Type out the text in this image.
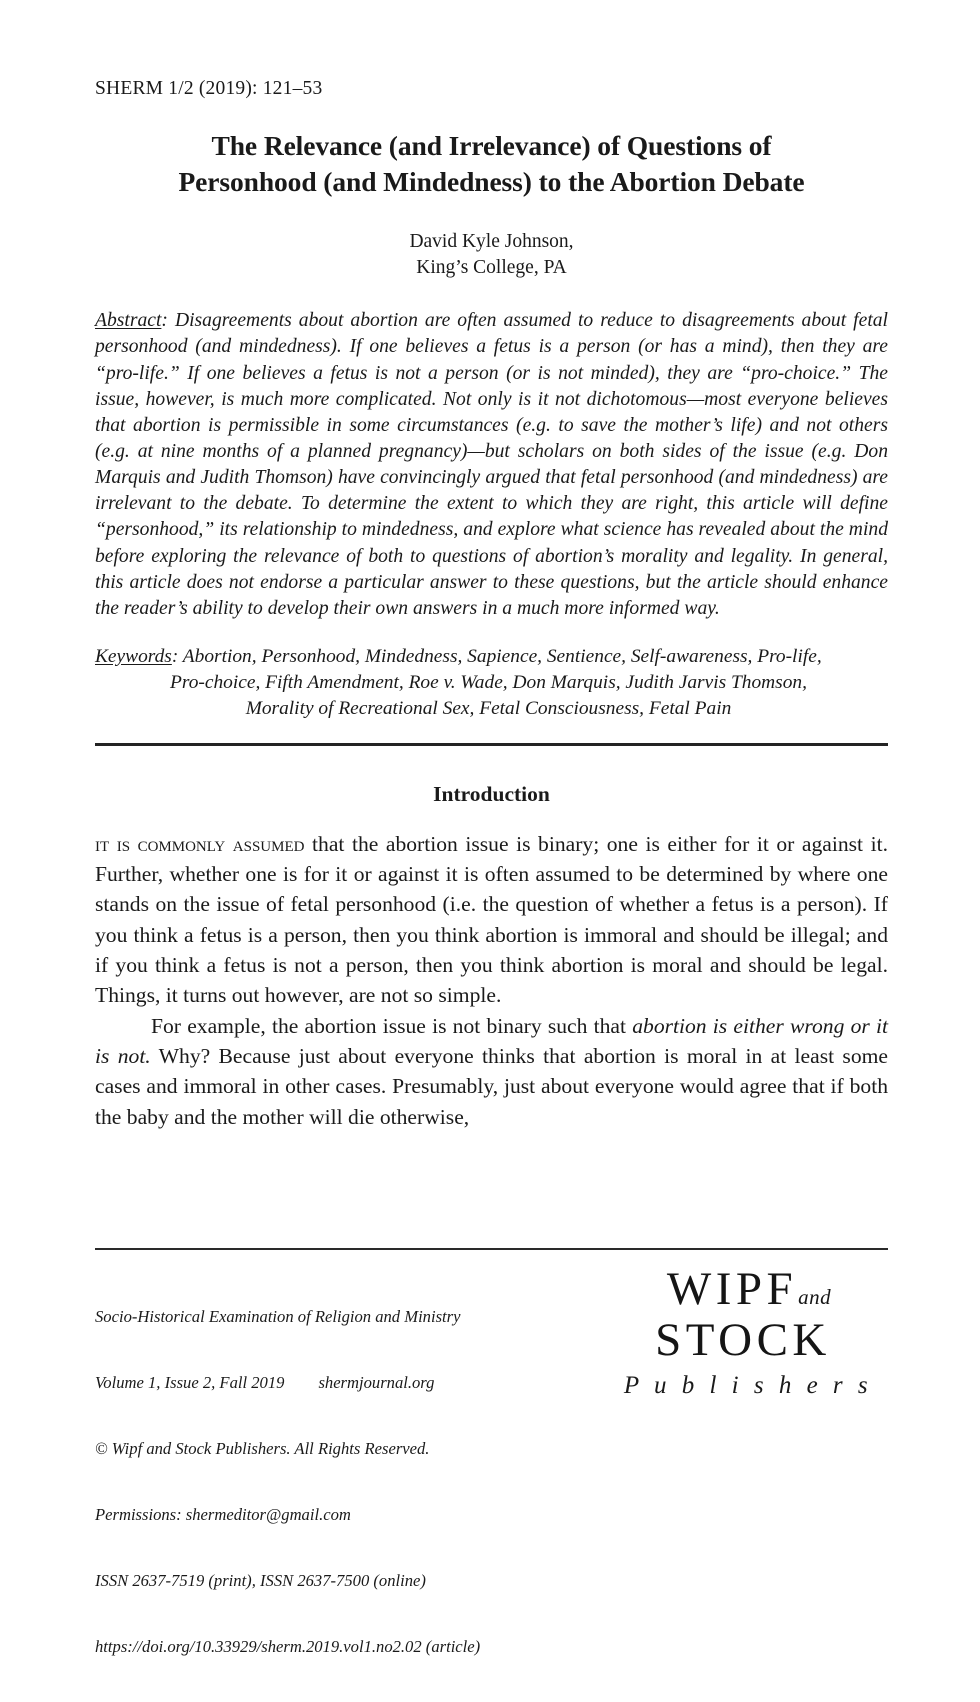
SHERM 1/2 (2019): 121–53
The Relevance (and Irrelevance) of Questions of
Personhood (and Mindedness) to the Abortion Debate
David Kyle Johnson,
King’s College, PA
Abstract: Disagreements about abortion are often assumed to reduce to disagreements about fetal personhood (and mindedness). If one believes a fetus is a person (or has a mind), then they are “pro-life.” If one believes a fetus is not a person (or is not minded), they are “pro-choice.” The issue, however, is much more complicated. Not only is it not dichotomous—most everyone believes that abortion is permissible in some circumstances (e.g. to save the mother’s life) and not others (e.g. at nine months of a planned pregnancy)—but scholars on both sides of the issue (e.g. Don Marquis and Judith Thomson) have convincingly argued that fetal personhood (and mindedness) are irrelevant to the debate. To determine the extent to which they are right, this article will define “personhood,” its relationship to mindedness, and explore what science has revealed about the mind before exploring the relevance of both to questions of abortion’s morality and legality. In general, this article does not endorse a particular answer to these questions, but the article should enhance the reader’s ability to develop their own answers in a much more informed way.
Keywords: Abortion, Personhood, Mindedness, Sapience, Sentience, Self-awareness, Pro-life,
Pro-choice, Fifth Amendment, Roe v. Wade, Don Marquis, Judith Jarvis Thomson,
Morality of Recreational Sex, Fetal Consciousness, Fetal Pain
Introduction
it is commonly assumed that the abortion issue is binary; one is either for it or against it. Further, whether one is for it or against it is often assumed to be determined by where one stands on the issue of fetal personhood (i.e. the question of whether a fetus is a person). If you think a fetus is a person, then you think abortion is immoral and should be illegal; and if you think a fetus is not a person, then you think abortion is moral and should be legal. Things, it turns out however, are not so simple.
For example, the abortion issue is not binary such that abortion is either wrong or it is not. Why? Because just about everyone thinks that abortion is moral in at least some cases and immoral in other cases. Presumably, just about everyone would agree that if both the baby and the mother will die otherwise,

Socio-Historical Examination of Religion and Ministry

Volume 1, Issue 2, Fall 2019 shermjournal.org

© Wipf and Stock Publishers. All Rights Reserved.

Permissions: shermeditor@gmail.com

ISSN 2637-7519 (print), ISSN 2637-7500 (online)

https://doi.org/10.33929/sherm.2019.vol1.no2.02 (article)

WIPFand
STOCK
P u b l i s h e r s
